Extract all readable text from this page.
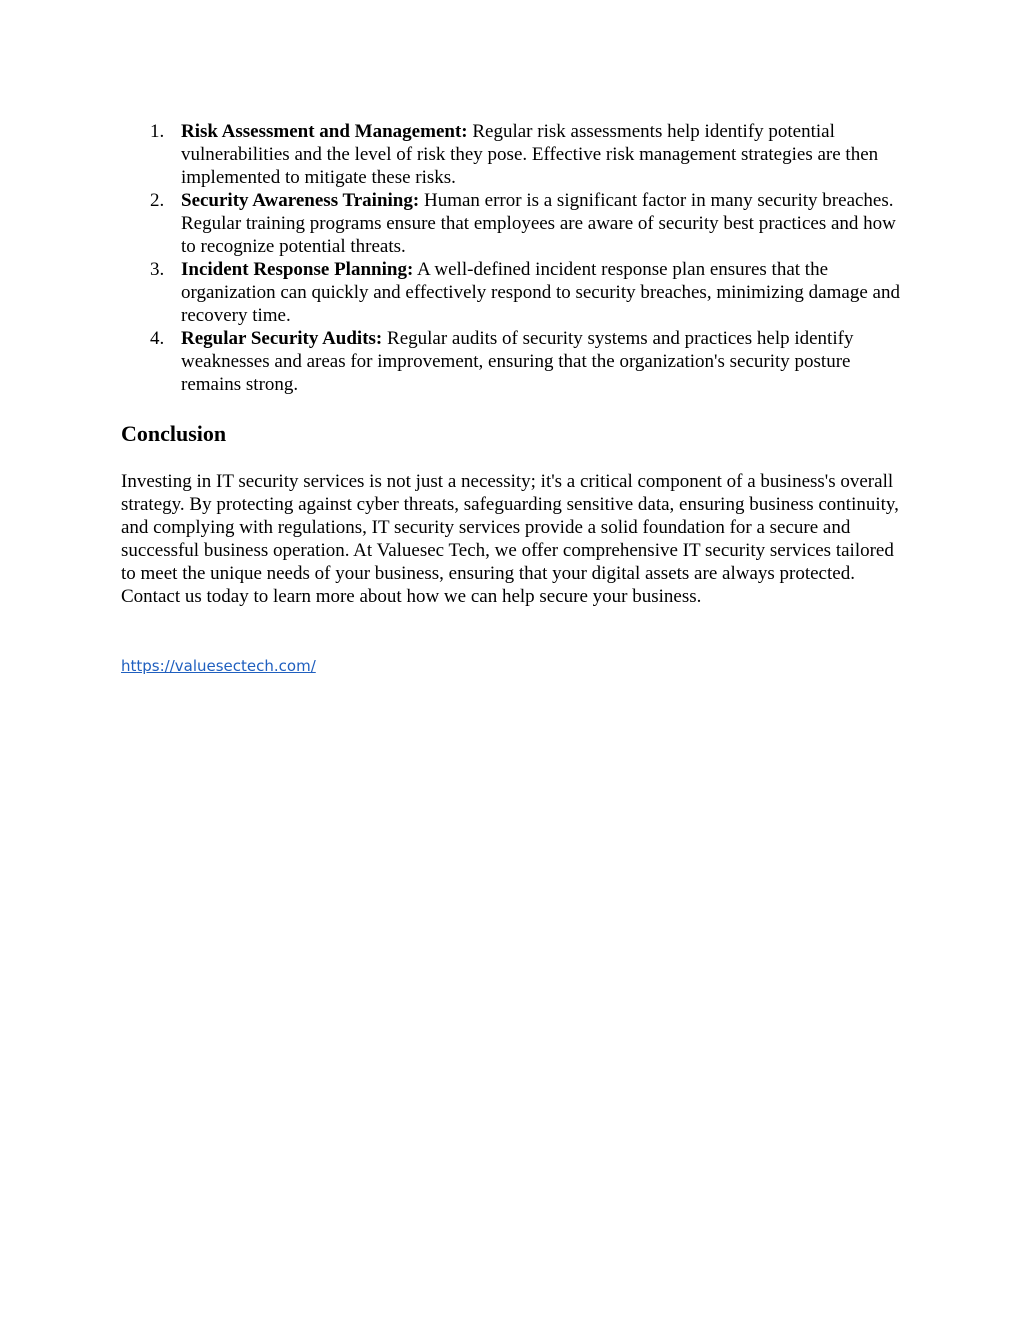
1. Risk Assessment and Management: Regular risk assessments help identify potential vulnerabilities and the level of risk they pose. Effective risk management strategies are then implemented to mitigate these risks.
2. Security Awareness Training: Human error is a significant factor in many security breaches. Regular training programs ensure that employees are aware of security best practices and how to recognize potential threats.
3. Incident Response Planning: A well-defined incident response plan ensures that the organization can quickly and effectively respond to security breaches, minimizing damage and recovery time.
4. Regular Security Audits: Regular audits of security systems and practices help identify weaknesses and areas for improvement, ensuring that the organization's security posture remains strong.
Conclusion

Investing in IT security services is not just a necessity; it's a critical component of a business's overall strategy. By protecting against cyber threats, safeguarding sensitive data, ensuring business continuity, and complying with regulations, IT security services provide a solid foundation for a secure and successful business operation. At Valuesec Tech, we offer comprehensive IT security services tailored to meet the unique needs of your business, ensuring that your digital assets are always protected. Contact us today to learn more about how we can help secure your business.

https://valuesectech.com/
